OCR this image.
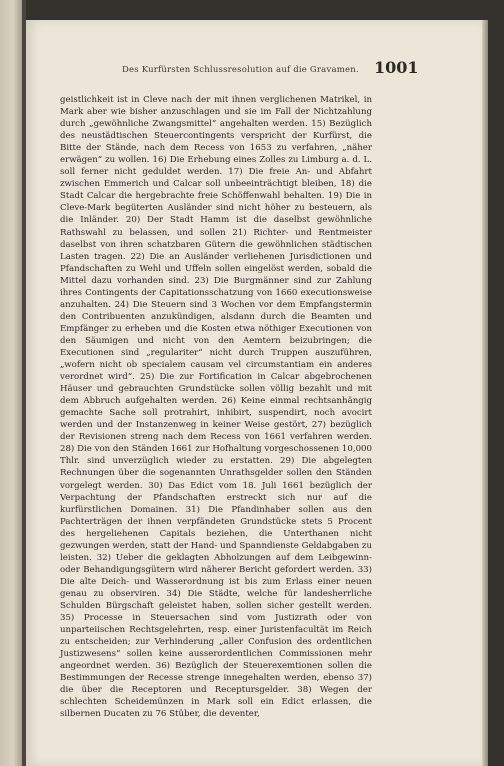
Des Kurfürsten Schlussresolution auf die Gravamen. 1001

geistlichkeit ist in Cleve nach der mit ihnen verglichenen Matrikel, in Mark aber wie bisher anzuschlagen und sie im Fall der Nichtzahlung durch „gewöhnliche Zwangsmittel“ angehalten werden. 15) Bezüglich des neustädtischen Steuercontingents verspricht der Kurfürst, die Bitte der Stände, nach dem Recess von 1653 zu verfahren, „näher erwägen“ zu wollen. 16) Die Erhebung eines Zolles zu Limburg a. d. L. soll ferner nicht geduldet werden. 17) Die freie An- und Abfahrt zwischen Emmerich und Calcar soll unbeeinträchtigt bleiben, 18) die Stadt Calcar die hergebrachte freie Schöffenwahl behalten. 19) Die in Cleve-Mark begüterten Ausländer sind nicht höher zu besteuern, als die Inländer. 20) Der Stadt Hamm ist die daselbst gewöhnliche Rathswahl zu belassen, und sollen 21) Richter- und Rentmeister daselbst von ihren schatzbaren Gütern die gewöhnlichen städtischen Lasten tragen. 22) Die an Ausländer verliehenen Jurisdictionen und Pfandschaften zu Wehl und Uffeln sollen eingelöst werden, sobald die Mittel dazu vorhanden sind. 23) Die Burgmänner sind zur Zahlung ihres Contingents der Capitationsschatzung von 1660 executionsweise anzuhalten. 24) Die Steuern sind 3 Wochen vor dem Empfangstermin den Contribuenten anzukündigen, alsdann durch die Beamten und Empfänger zu erheben und die Kosten etwa nöthiger Executionen von den Säumigen und nicht von den Aemtern beizubringen; die Executionen sind „regulariter“ nicht durch Truppen auszuführen, „wofern nicht ob specialem causam vel circumstantiam ein anderes verordnet wird“. 25) Die zur Fortification in Calcar abgebrochenen Häuser und gebrauchten Grundstücke sollen völlig bezahlt und mit dem Abbruch aufgehalten werden. 26) Keine einmal rechtsanhängig gemachte Sache soll protrahirt, inhibirt, suspendirt, noch avocirt werden und der Instanzenweg in keiner Weise gestört, 27) bezüglich der Revisionen streng nach dem Recess von 1661 verfahren werden. 28) Die von den Ständen 1661 zur Hofhaltung vorgeschossenen 10,000 Thlr. sind unverzüglich wieder zu erstatten. 29) Die abgelegten Rechnungen über die sogenannten Unrathsgelder sollen den Ständen vorgelegt werden. 30) Das Edict vom 18. Juli 1661 bezüglich der Verpachtung der Pfandschaften erstreckt sich nur auf die kurfürstlichen Domainen. 31) Die Pfandinhaber sollen aus den Pachterträgen der ihnen verpfändeten Grundstücke stets 5 Procent des hergeliehenen Capitals beziehen, die Unterthanen nicht gezwungen werden, statt der Hand- und Spanndienste Geldabgaben zu leisten. 32) Ueber die geklagten Abholzungen auf dem Leibgewinn- oder Behandigungsgütern wird näherer Bericht gefordert werden. 33) Die alte Deich- und Wasserordnung ist bis zum Erlass einer neuen genau zu observiren. 34) Die Städte, welche für landesherrliche Schulden Bürgschaft geleistet haben, sollen sicher gestellt werden. 35) Processe in Steuersachen sind vom Justizrath oder von unparteiischen Rechtsgelehrten, resp. einer Juristenfacultät im Reich zu entscheiden; zur Verhinderung „aller Confusion des ordentlichen Justizwesens“ sollen keine ausserordentlichen Commissionen mehr angeordnet werden. 36) Bezüglich der Steuerexemtionen sollen die Bestimmungen der Recesse strenge innegehalten werden, ebenso 37) die über die Receptoren und Receptursgelder. 38) Wegen der schlechten Scheidemünzen in Mark soll ein Edict erlassen, die silbernen Ducaten zu 76 Stüber, die deventer,
